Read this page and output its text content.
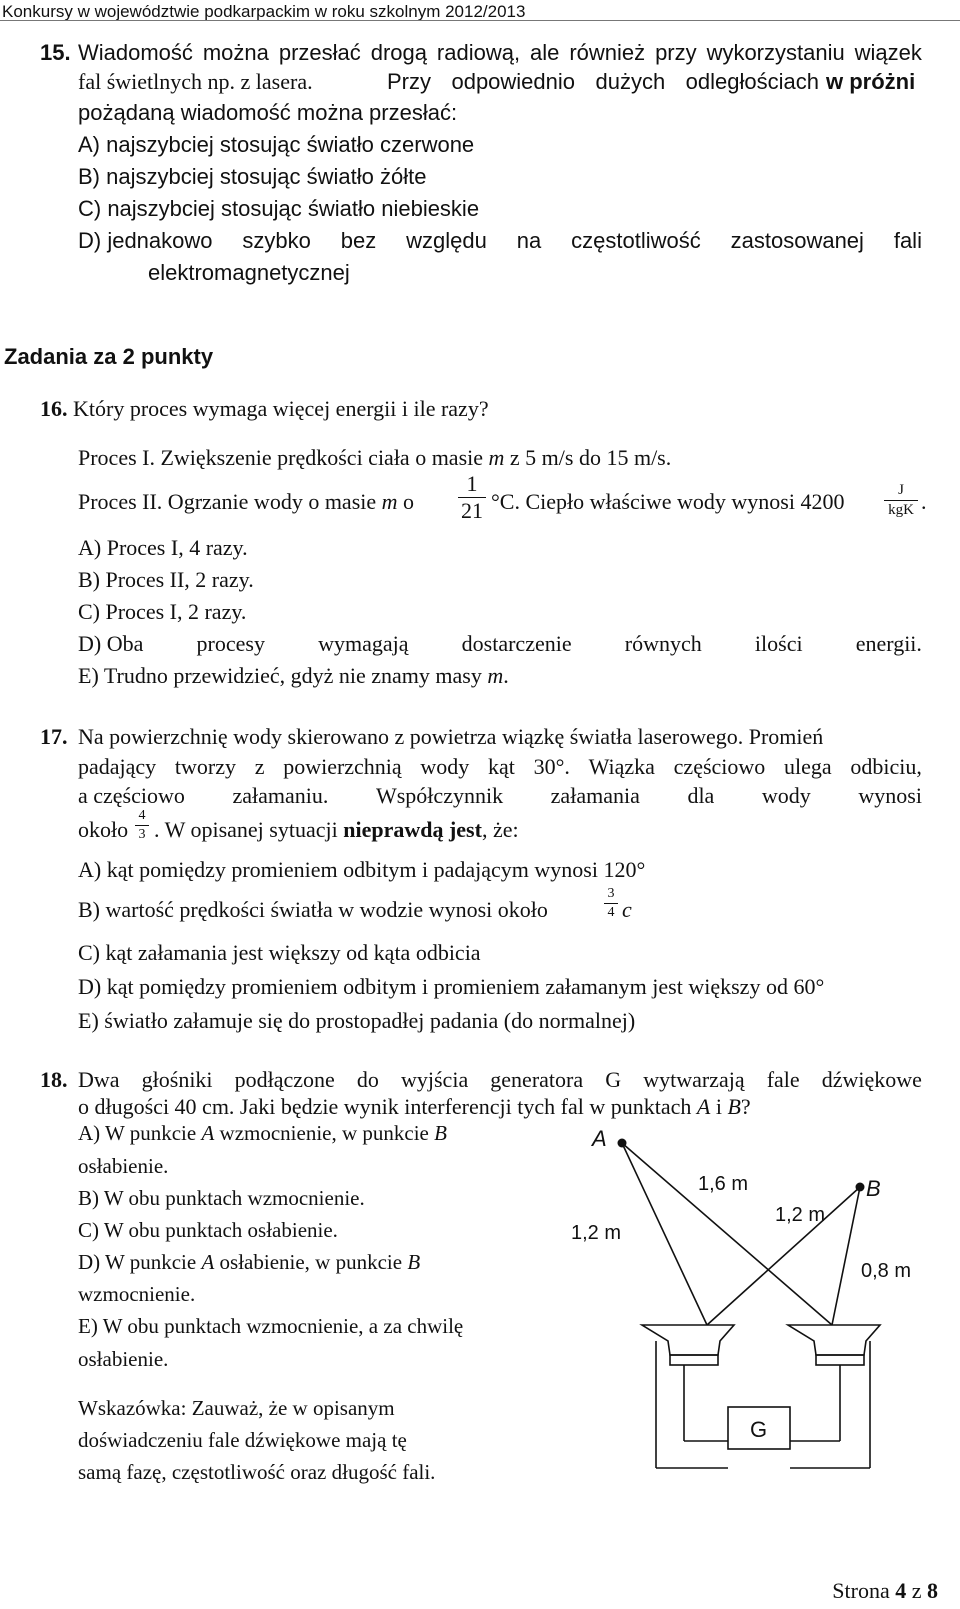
Konkursy w województwie podkarpackim w roku szkolnym 2012/2013
15. Wiadomość można przesłać drogą radiową, ale również przy wykorzystaniu wiązek
fal świetlnych np. z lasera.	Przy odpowiednio dużych odległościach w próżni
pożądaną wiadomość można przesłać:
A) najszybciej stosując światło czerwone
B) najszybciej stosując światło żółte
C) najszybciej stosując światło niebieskie
D) jednakowo szybko bez względu na częstotliwość zastosowanej fali
elektromagnetycznej
Zadania za 2 punkty
16. Który proces wymaga więcej energii i ile razy?
Proces I. Zwiększenie prędkości ciała o masie m z 5 m/s do 15 m/s.
Proces II. Ogrzanie wody o masie m o
1
21 °C. Ciepło właściwe wody wynosi 4200	J
kgK .
A) Proces I, 4 razy.
B) Proces II, 2 razy.
C) Proces I, 2 razy.
D) Oba procesy wymagają dostarczenie równych ilości energii.
E) Trudno przewidzieć, gdyż nie znamy masy m.
17. Na powierzchnię wody skierowano z powietrza wiązkę światła laserowego. Promień
padający tworzy z powierzchnią wody kąt 30°. Wiązka częściowo ulega odbiciu,
a częściowo załamaniu. Współczynnik załamania dla wody wynosi
około
4
3 . W opisanej sytuacji nieprawdą jest, że:
A) kąt pomiędzy promieniem odbitym i padającym wynosi 120°
B) wartość prędkości światła w wodzie wynosi około
3
4 c
C) kąt załamania jest większy od kąta odbicia
D) kąt pomiędzy promieniem odbitym i promieniem załamanym jest większy od 60°
E) światło załamuje się do prostopadłej padania (do normalnej)
18. Dwa głośniki podłączone do wyjścia generatora G wytwarzają fale dźwiękowe
o długości 40 cm. Jaki będzie wynik interferencji tych fal w punktach A i B?
A) W punkcie A wzmocnienie, w punkcie B
osłabienie.
B) W obu punktach wzmocnienie.
C) W obu punktach osłabienie.
D) W punkcie A osłabienie, w punkcie B
wzmocnienie.
E) W obu punktach wzmocnienie, a za chwilę
osłabienie.
Wskazówka: Zauważ, że w opisanym
doświadczeniu fale dźwiękowe mają tę
samą fazę, częstotliwość oraz długość fali.
A
B
1,6 m
1,2 m
1,2 m
0,8 m
G
Strona 4 z 8
